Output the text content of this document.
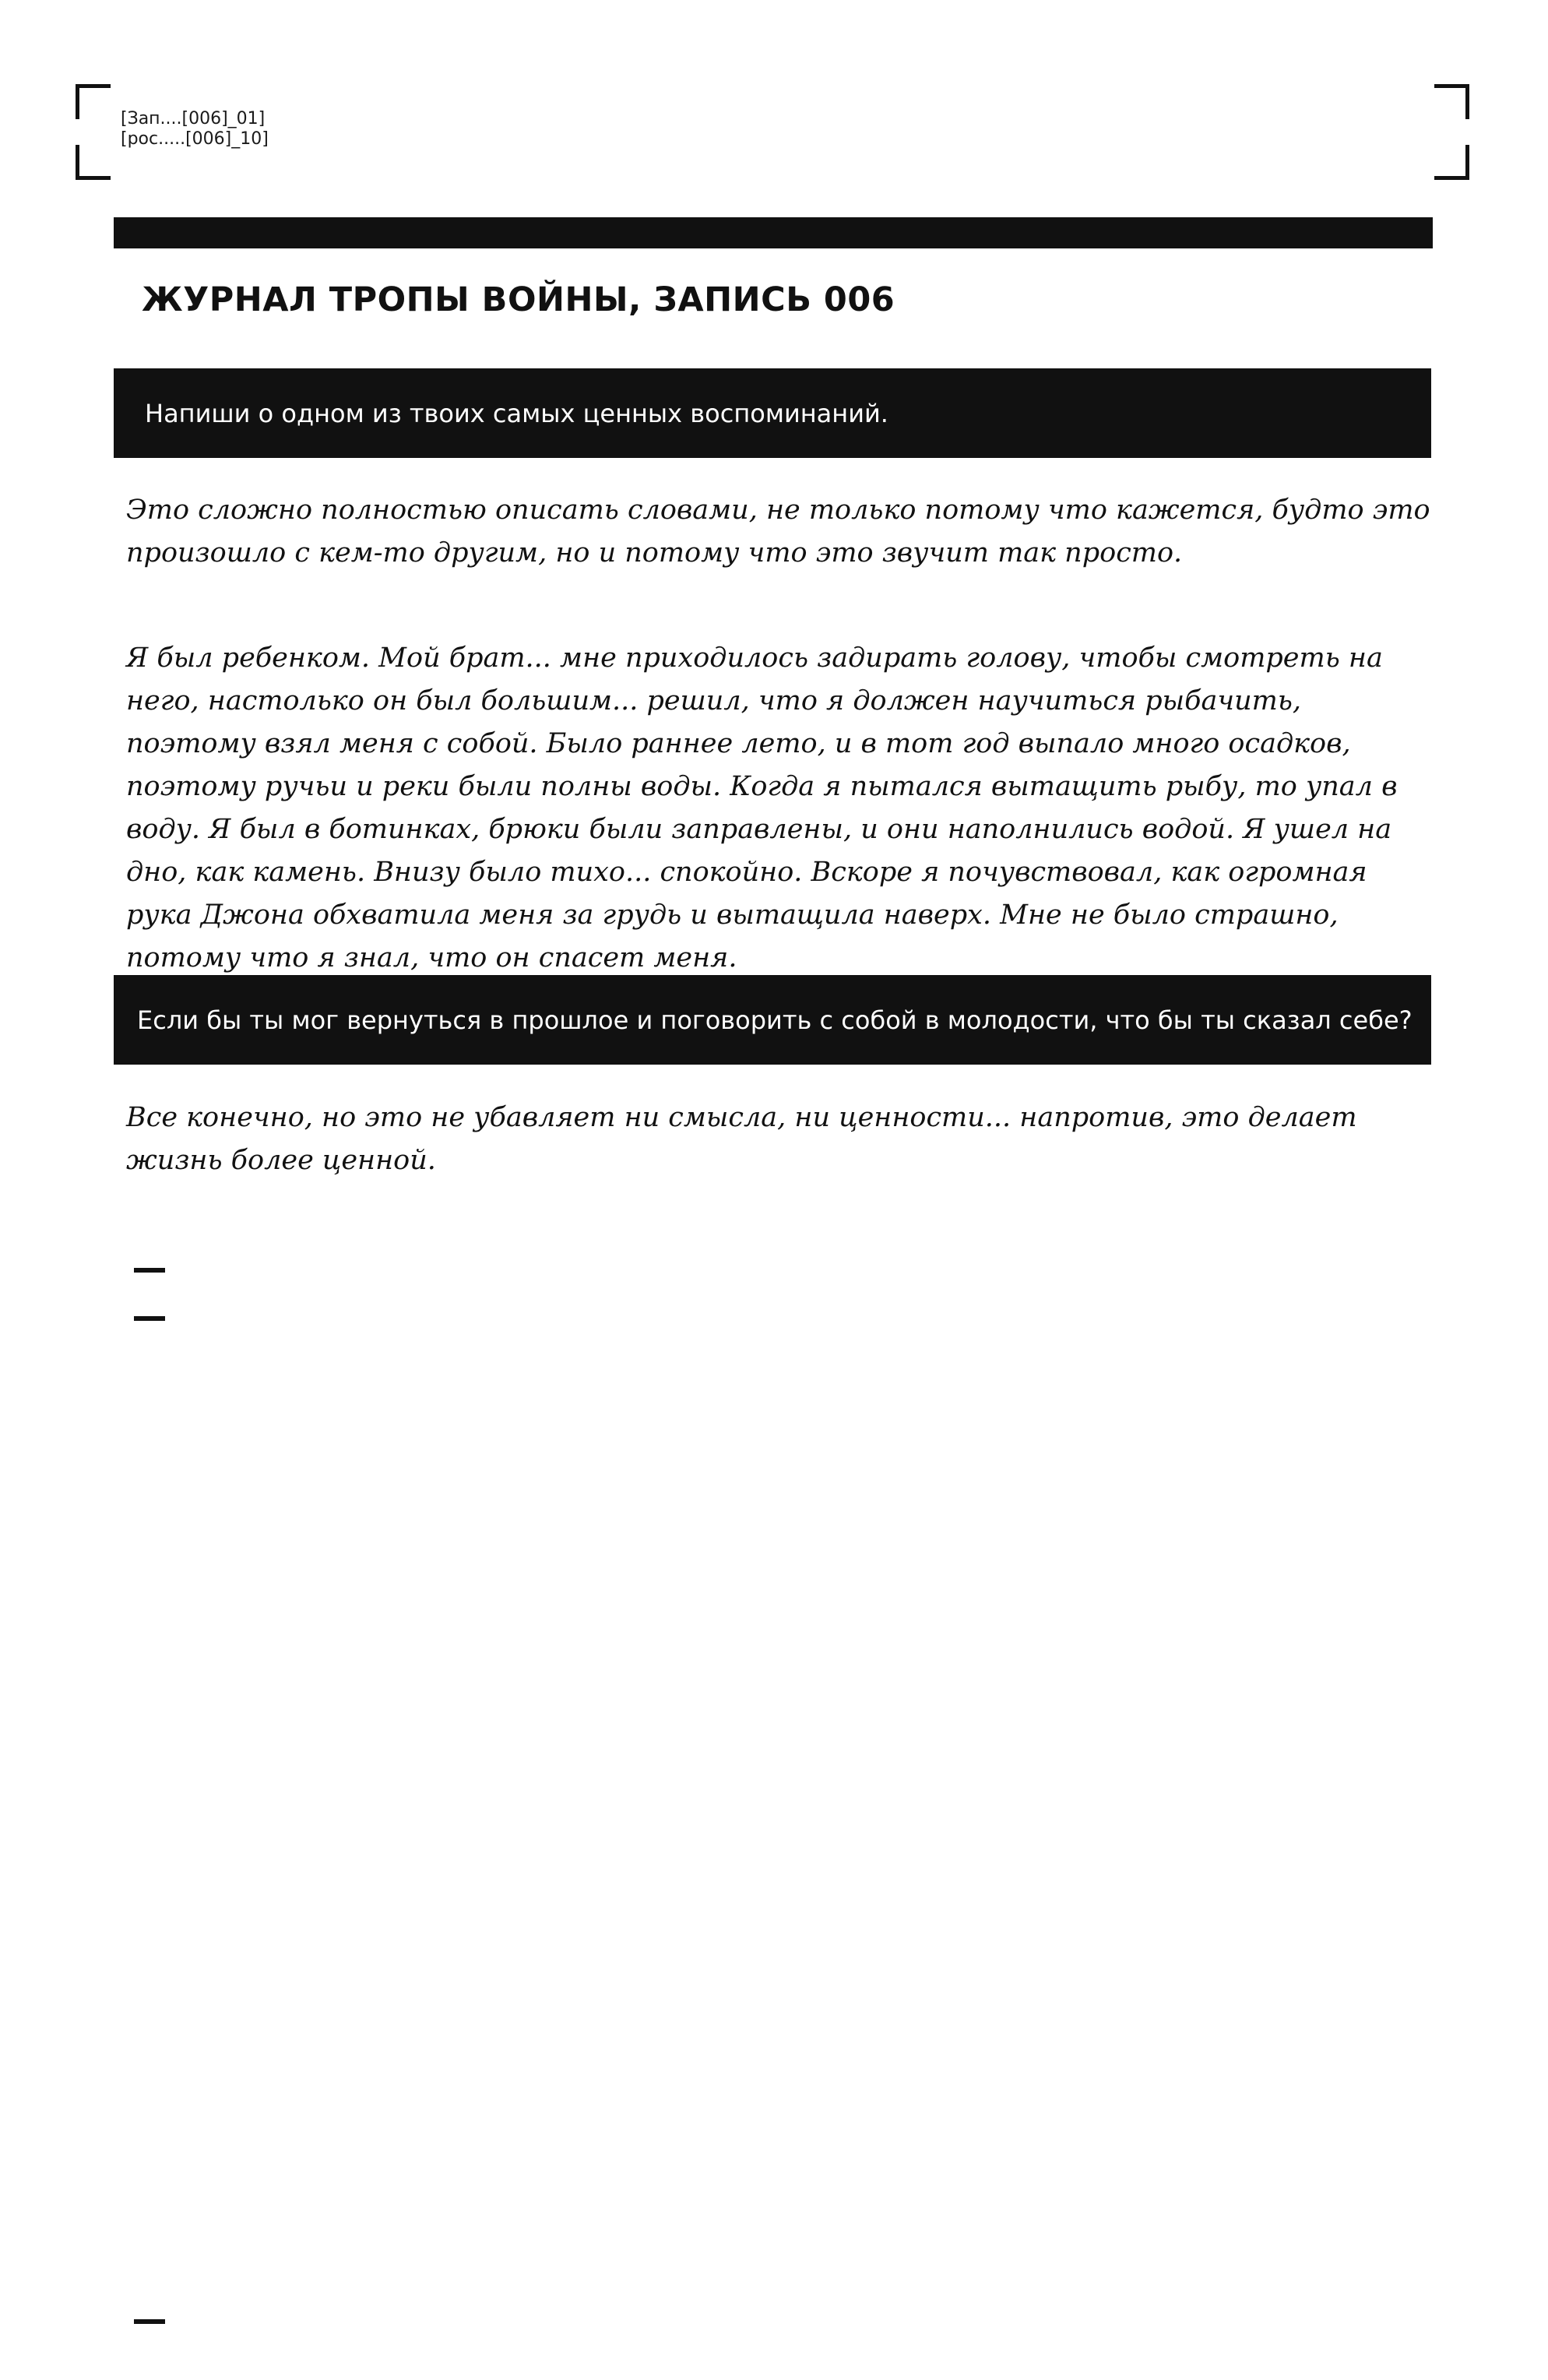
[Зап....[006]_01]
[рос.....[006]_10]
ЖУРНАЛ ТРОПЫ ВОЙНЫ, ЗАПИСЬ 006
Напиши о одном из твоих самых ценных воспоминаний.

Это сложно полностью описать словами, не только потому что кажется, будто это произошло с кем-то другим, но и потому что это звучит так просто.

Я был ребенком. Мой брат... мне приходилось задирать голову, чтобы смотреть на него, настолько он был большим... решил, что я должен научиться рыбачить, поэтому взял меня с собой. Было раннее лето, и в тот год выпало много осадков, поэтому ручьи и реки были полны воды. Когда я пытался вытащить рыбу, то упал в воду. Я был в ботинках, брюки были заправлены, и они наполнились водой. Я ушел на дно, как камень. Внизу было тихо... спокойно. Вскоре я почувствовал, как огромная рука Джона обхватила меня за грудь и вытащила наверх. Мне не было страшно, потому что я знал, что он спасет меня.

Если бы ты мог вернуться в прошлое и поговорить с собой в молодости, что бы ты сказал себе?

Все конечно, но это не убавляет ни смысла, ни ценности... напротив, это делает жизнь более ценной.
